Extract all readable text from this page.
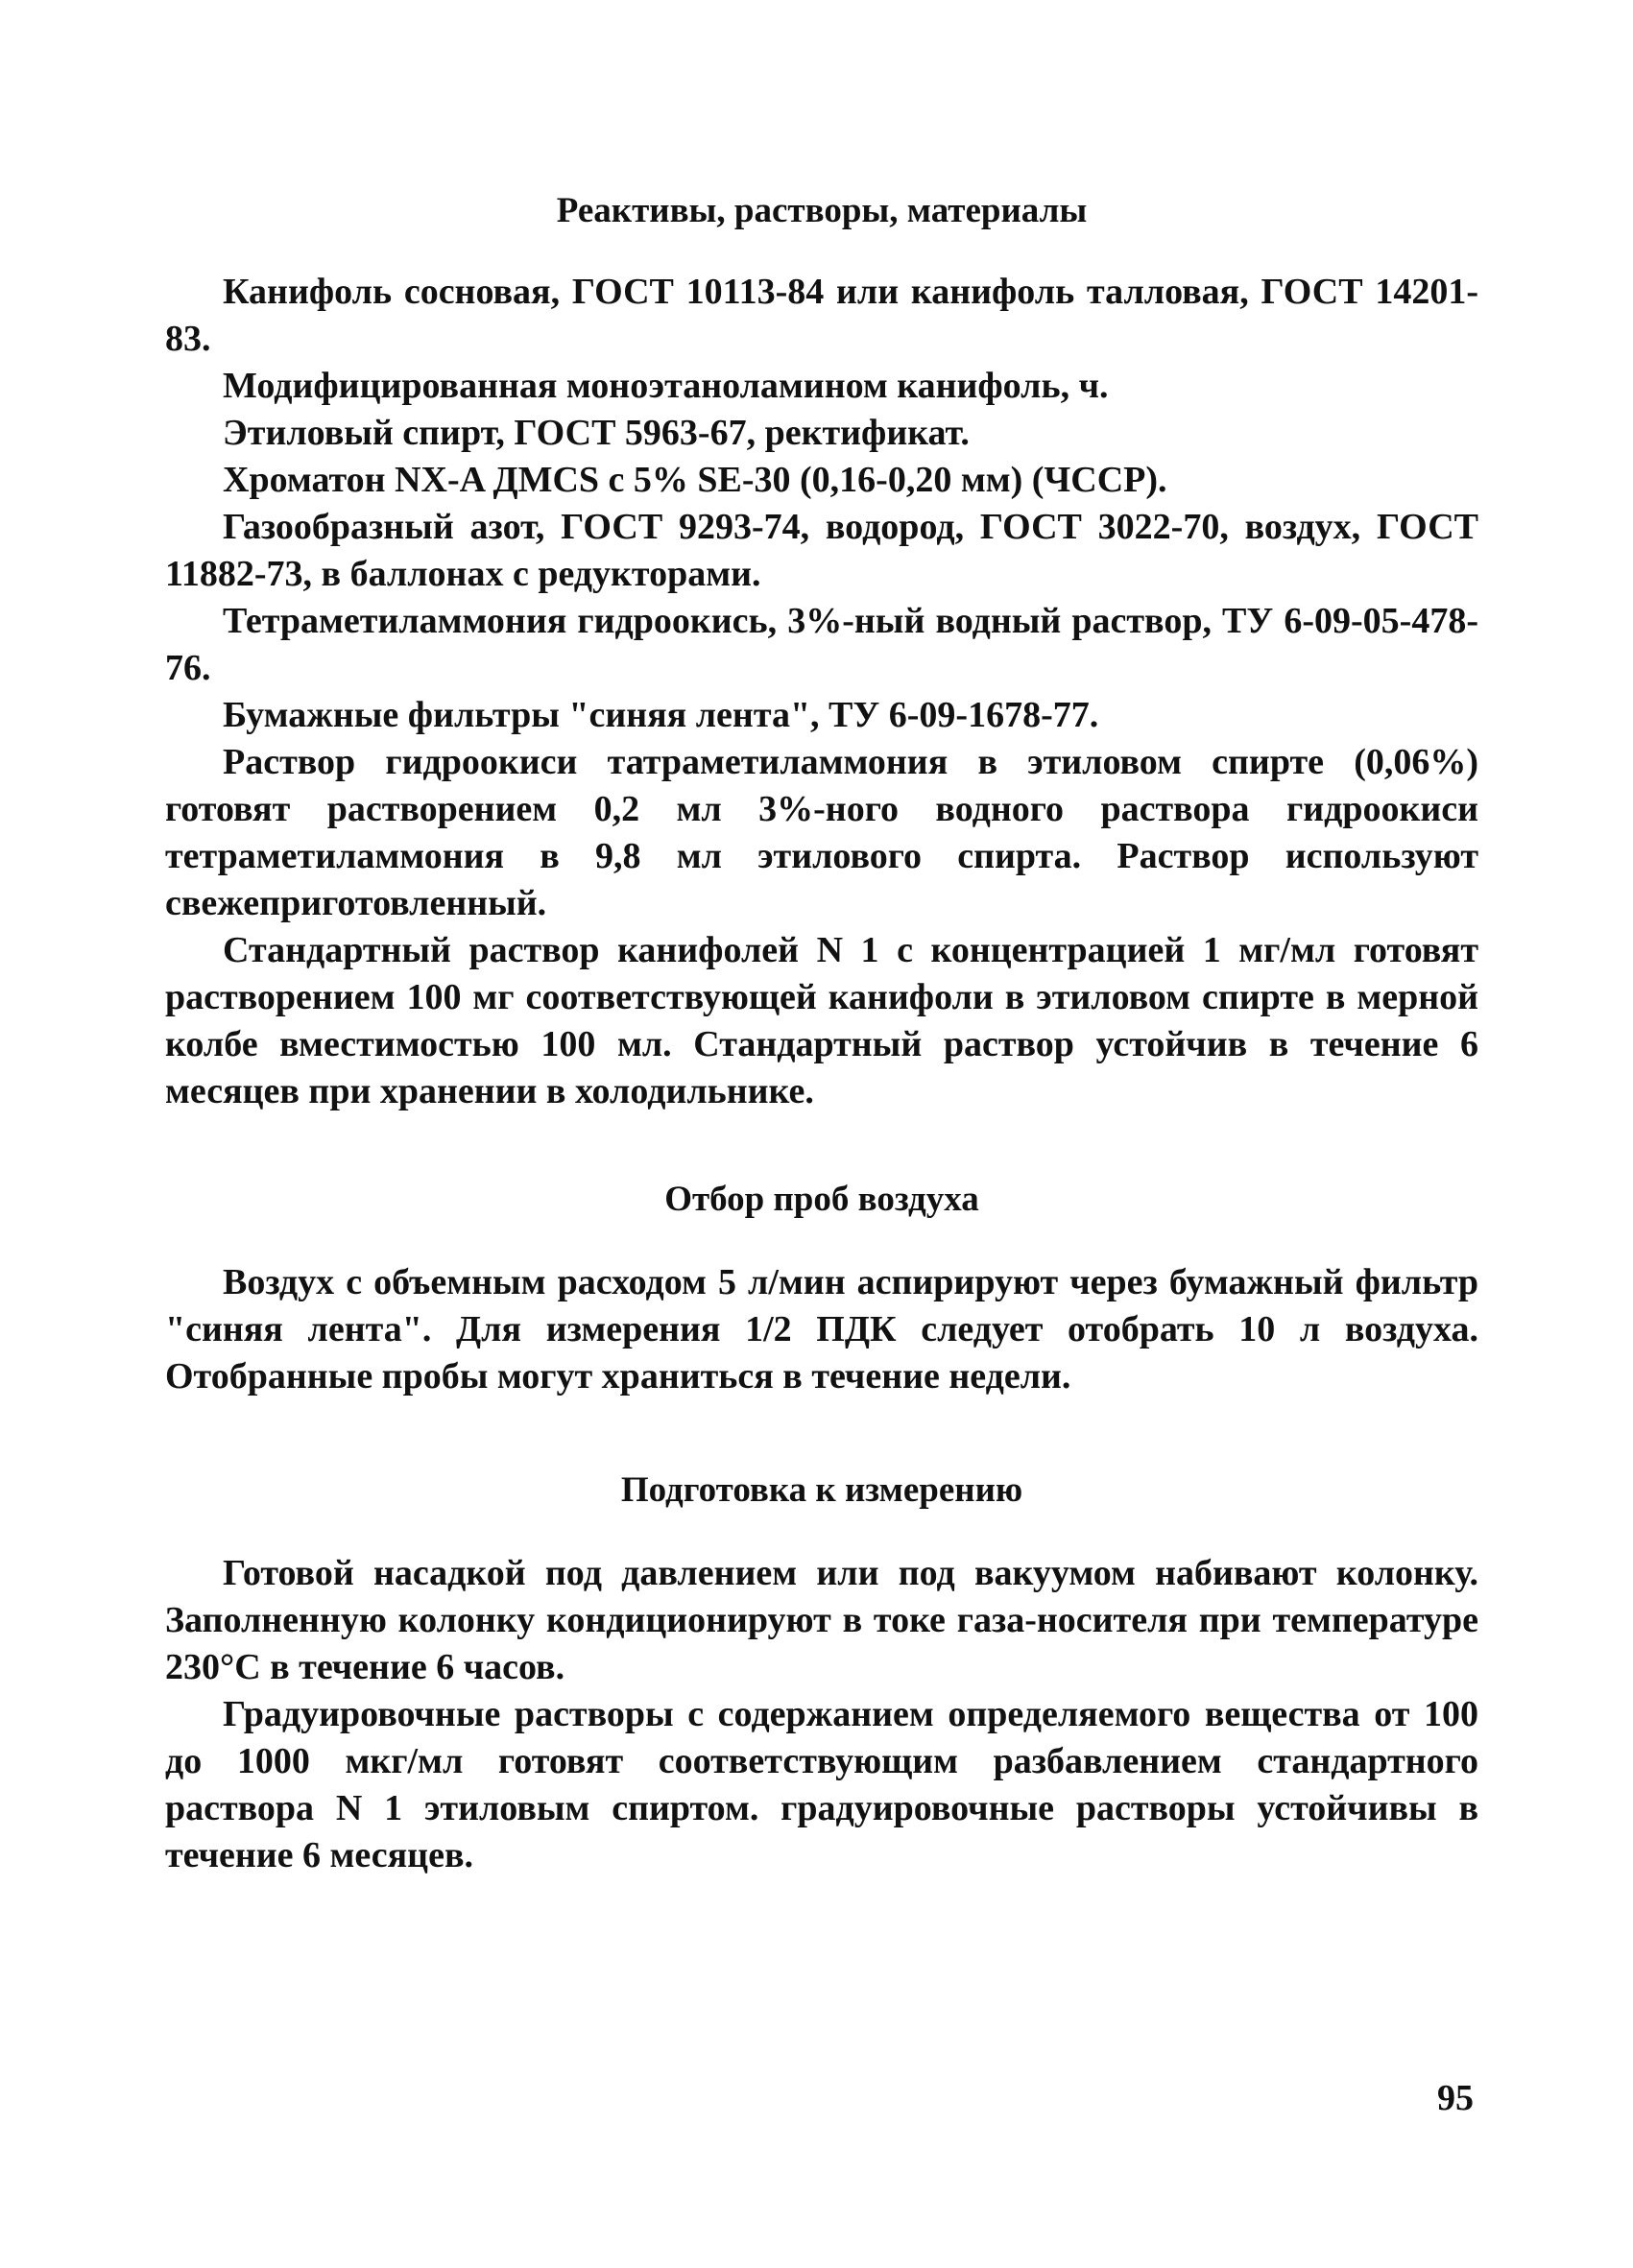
Реактивы, растворы, материалы

Канифоль сосновая, ГОСТ 10113-84 или канифоль талловая, ГОСТ 14201-83.

Модифицированная моноэтаноламином канифоль, ч.

Этиловый спирт, ГОСТ 5963-67, ректификат.

Хроматон NX-A ДMCS с 5% SE-30 (0,16-0,20 мм) (ЧССР).

Газообразный азот, ГОСТ 9293-74, водород, ГОСТ 3022-70, воздух, ГОСТ 11882-73, в баллонах с редукторами.

Тетраметиламмония гидроокись, 3%-ный водный раствор, ТУ 6-09-05-478-76.

Бумажные фильтры "синяя лента", ТУ 6-09-1678-77.

Раствор гидроокиси татраметиламмония в этиловом спирте (0,06%) готовят растворением 0,2 мл 3%-ного водного раствора гидроокиси тетраметиламмония в 9,8 мл этилового спирта. Раствор используют свежеприготовленный.

Стандартный раствор канифолей N 1 с концентрацией 1 мг/мл готовят растворением 100 мг соответствующей канифоли в этиловом спирте в мерной колбе вместимостью 100 мл. Стандартный раствор устойчив в течение 6 месяцев при хранении в холодильнике.

Отбор проб воздуха

Воздух с объемным расходом 5 л/мин аспирируют через бумажный фильтр "синяя лента". Для измерения 1/2 ПДК следует отобрать 10 л воздуха. Отобранные пробы могут храниться в течение недели.

Подготовка к измерению

Готовой насадкой под давлением или под вакуумом набивают колонку. Заполненную колонку кондиционируют в токе газа-носителя при температуре 230°C в течение 6 часов.

Градуировочные растворы с содержанием определяемого вещества от 100 до 1000 мкг/мл готовят соответствующим разбавлением стандартного раствора N 1 этиловым спиртом. градуировочные растворы устойчивы в течение 6 месяцев.

95
